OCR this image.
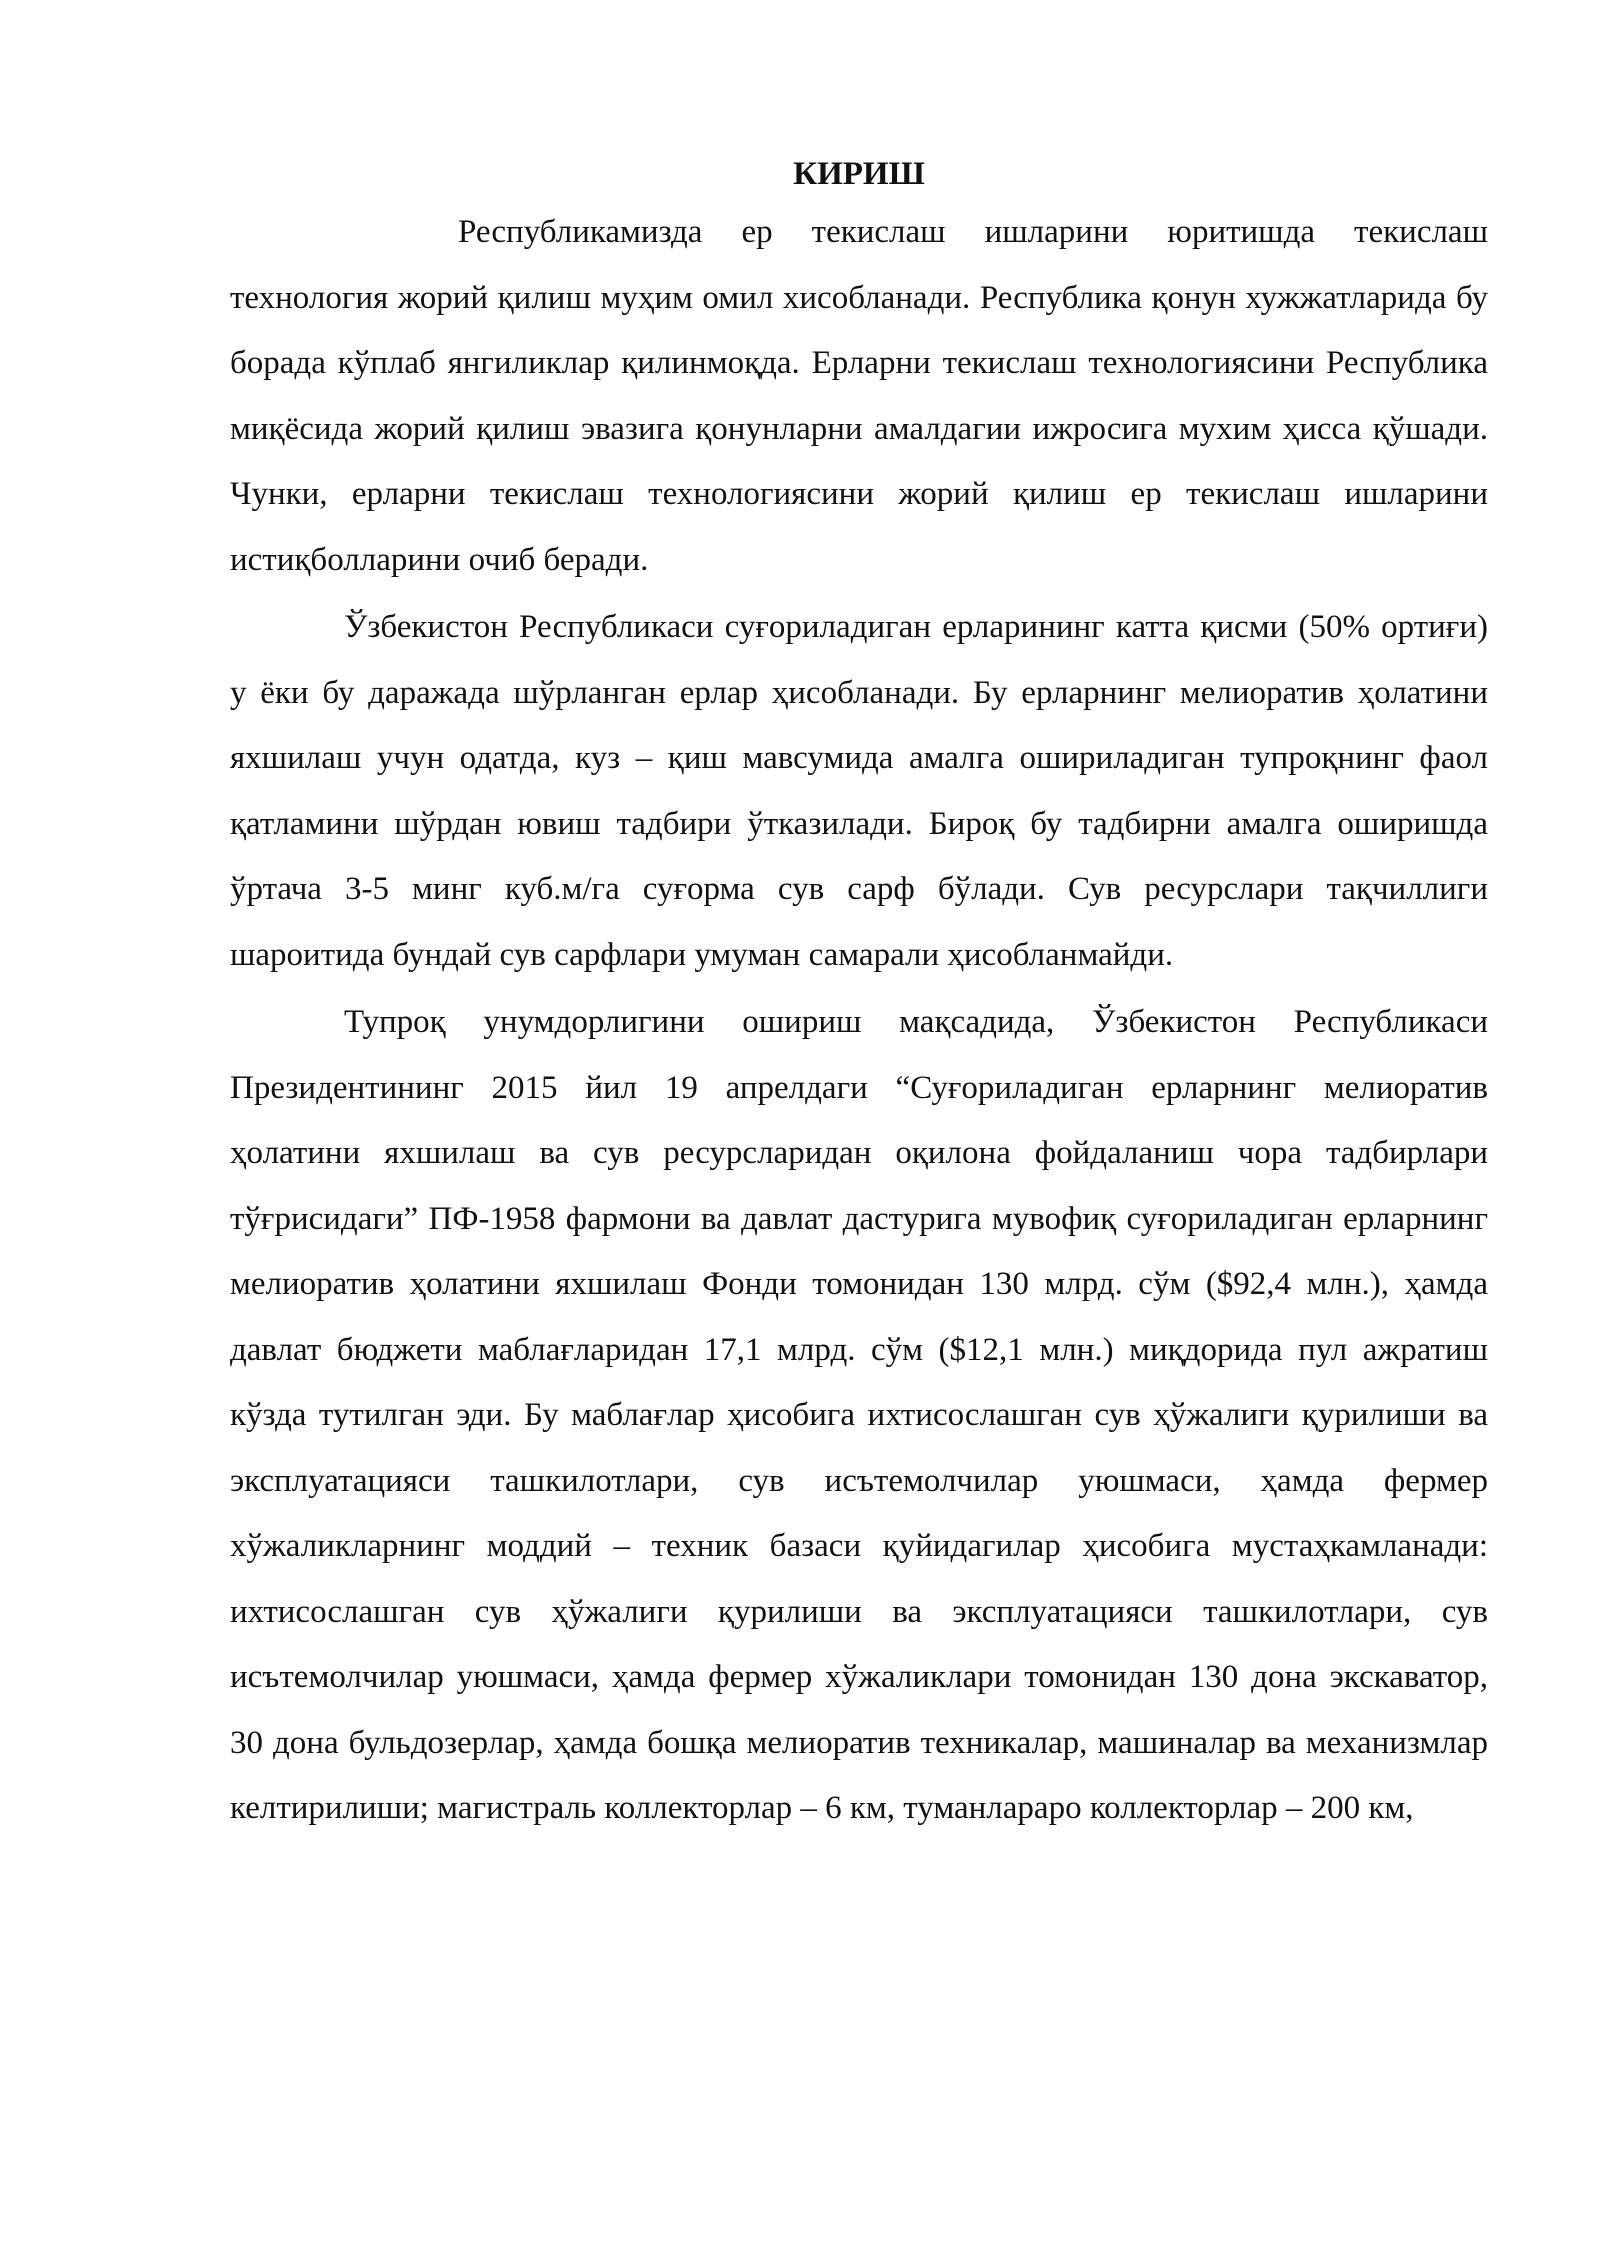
КИРИШ

Республикамизда ер текислаш ишларини юритишда текислаш технология жорий қилиш муҳим омил хисобланади. Республика қонун хужжатларида бу борада кўплаб янгиликлар қилинмоқда. Ерларни текислаш технологиясини Республика миқёсида жорий қилиш эвазига қонунларни амалдагии ижросига мухим ҳисса қўшади. Чунки, ерларни текислаш технологиясини жорий қилиш ер текислаш ишларини истиқболларини очиб беради.

Ўзбекистон Республикаси суғориладиган ерларининг катта қисми (50% ортиғи) у ёки бу даражада шўрланган ерлар ҳисобланади. Бу ерларнинг мелиоратив ҳолатини яхшилаш учун одатда, куз – қиш мавсумида амалга ошириладиган тупроқнинг фаол қатламини шўрдан ювиш тадбири ўтказилади. Бироқ бу тадбирни амалга оширишда ўртача 3-5 минг куб.м/га суғорма сув сарф бўлади. Сув ресурслари тақчиллиги шароитида бундай сув сарфлари умуман самарали ҳисобланмайди.

Тупроқ унумдорлигини ошириш мақсадида, Ўзбекистон Республикаси Президентининг 2015 йил 19 апрелдаги “Суғориладиган ерларнинг мелиоратив ҳолатини яхшилаш ва сув ресурсларидан оқилона фойдаланиш чора тадбирлари тўғрисидаги” ПФ-1958 фармони ва давлат дастурига мувофиқ суғориладиган ерларнинг мелиоратив ҳолатини яхшилаш Фонди томонидан 130 млрд. сўм ($92,4 млн.), ҳамда давлат бюджети маблағларидан 17,1 млрд. сўм ($12,1 млн.) миқдорида пул ажратиш кўзда тутилган эди. Бу маблағлар ҳисобига ихтисослашган сув ҳўжалиги қурилиши ва эксплуатацияси ташкилотлари, сув исътемолчилар уюшмаси, ҳамда фермер хўжаликларнинг моддий – техник базаси қуйидагилар ҳисобига мустаҳкамланади: ихтисослашган сув ҳўжалиги қурилиши ва эксплуатацияси ташкилотлари, сув исътемолчилар уюшмаси, ҳамда фермер хўжаликлари томонидан 130 дона экскаватор, 30 дона бульдозерлар, ҳамда бошқа мелиоратив техникалар, машиналар ва механизмлар келтирилиши; магистраль коллекторлар – 6 км, туманлараро коллекторлар – 200 км,
